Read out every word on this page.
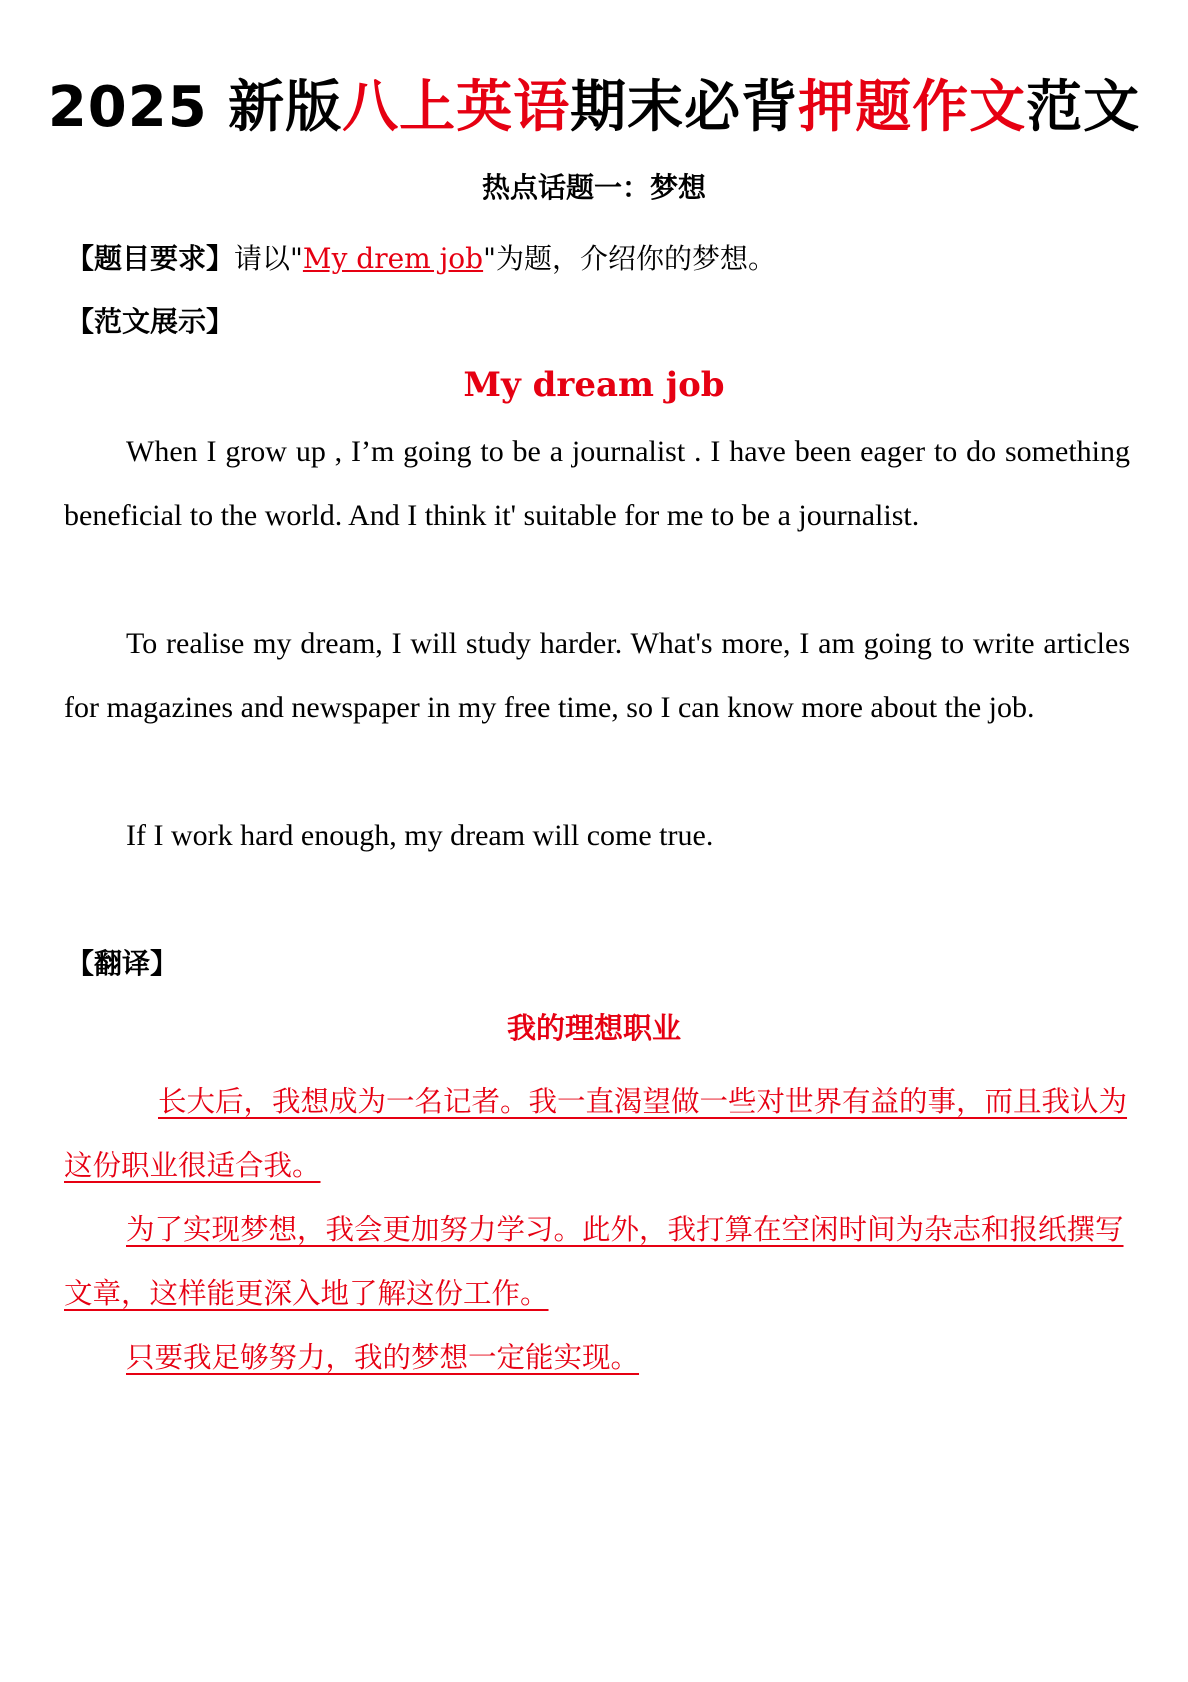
2025 新版八上英语期末必背押题作文范文
热点话题一：梦想
【题目要求】请以"My drem job"为题，介绍你的梦想。
【范文展示】
My dream job
When I grow up , I’m going to be a journalist . I have been eager to do something beneficial to the world. And I think it' suitable for me to be a journalist.
To realise my dream, I will study harder. What's more, I am going to write articles for magazines and newspaper in my free time, so I can know more about the job.
If I work hard enough, my dream will come true.
【翻译】
我的理想职业
长大后，我想成为一名记者。我一直渴望做一些对世界有益的事，而且我认为这份职业很适合我。
为了实现梦想，我会更加努力学习。此外，我打算在空闲时间为杂志和报纸撰写文章，这样能更深入地了解这份工作。
只要我足够努力，我的梦想一定能实现。
